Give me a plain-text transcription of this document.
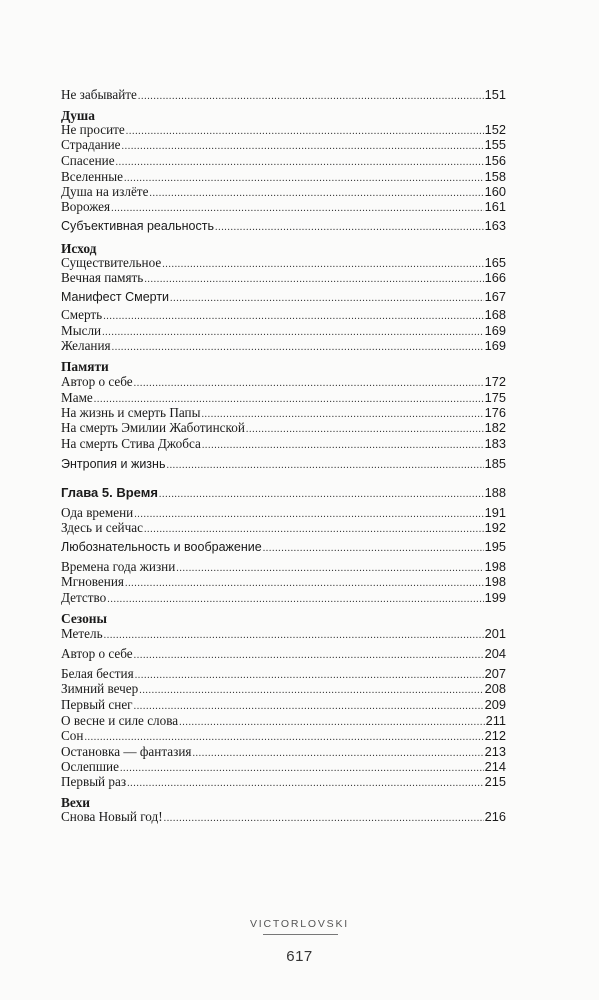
Не забывайте .....	151
Душа
Не просите .....	152
Страдание .....	155
Спасение .....	156
Вселенные .....	158
Душа на излёте .....	160
Ворожея .....	161
Субъективная реальность .....	163
Исход
Существительное .....	165
Вечная память .....	166
Манифест Смерти .....	167
Смерть .....	168
Мысли .....	169
Желания .....	169
Памяти
Автор о себе .....	172
Маме .....	175
На жизнь и смерть Папы .....	176
На смерть Эмилии Жаботинской .....	182
На смерть Стива Джобса .....	183
Энтропия и жизнь .....	185
Глава 5. Время .....	188
Ода времени .....	191
Здесь и сейчас .....	192
Любознательность и воображение .....	195
Времена года жизни .....	198
Мгновения .....	198
Детство .....	199
Сезоны
Метель .....	201
Автор о себе .....	204
Белая бестия .....	207
Зимний вечер .....	208
Первый снег .....	209
О весне и силе слова .....	211
Сон .....	212
Остановка — фантазия .....	213
Ослепшие .....	214
Первый раз .....	215
Вехи
Снова Новый год! .....	216
VICTORLOVSKI
617
